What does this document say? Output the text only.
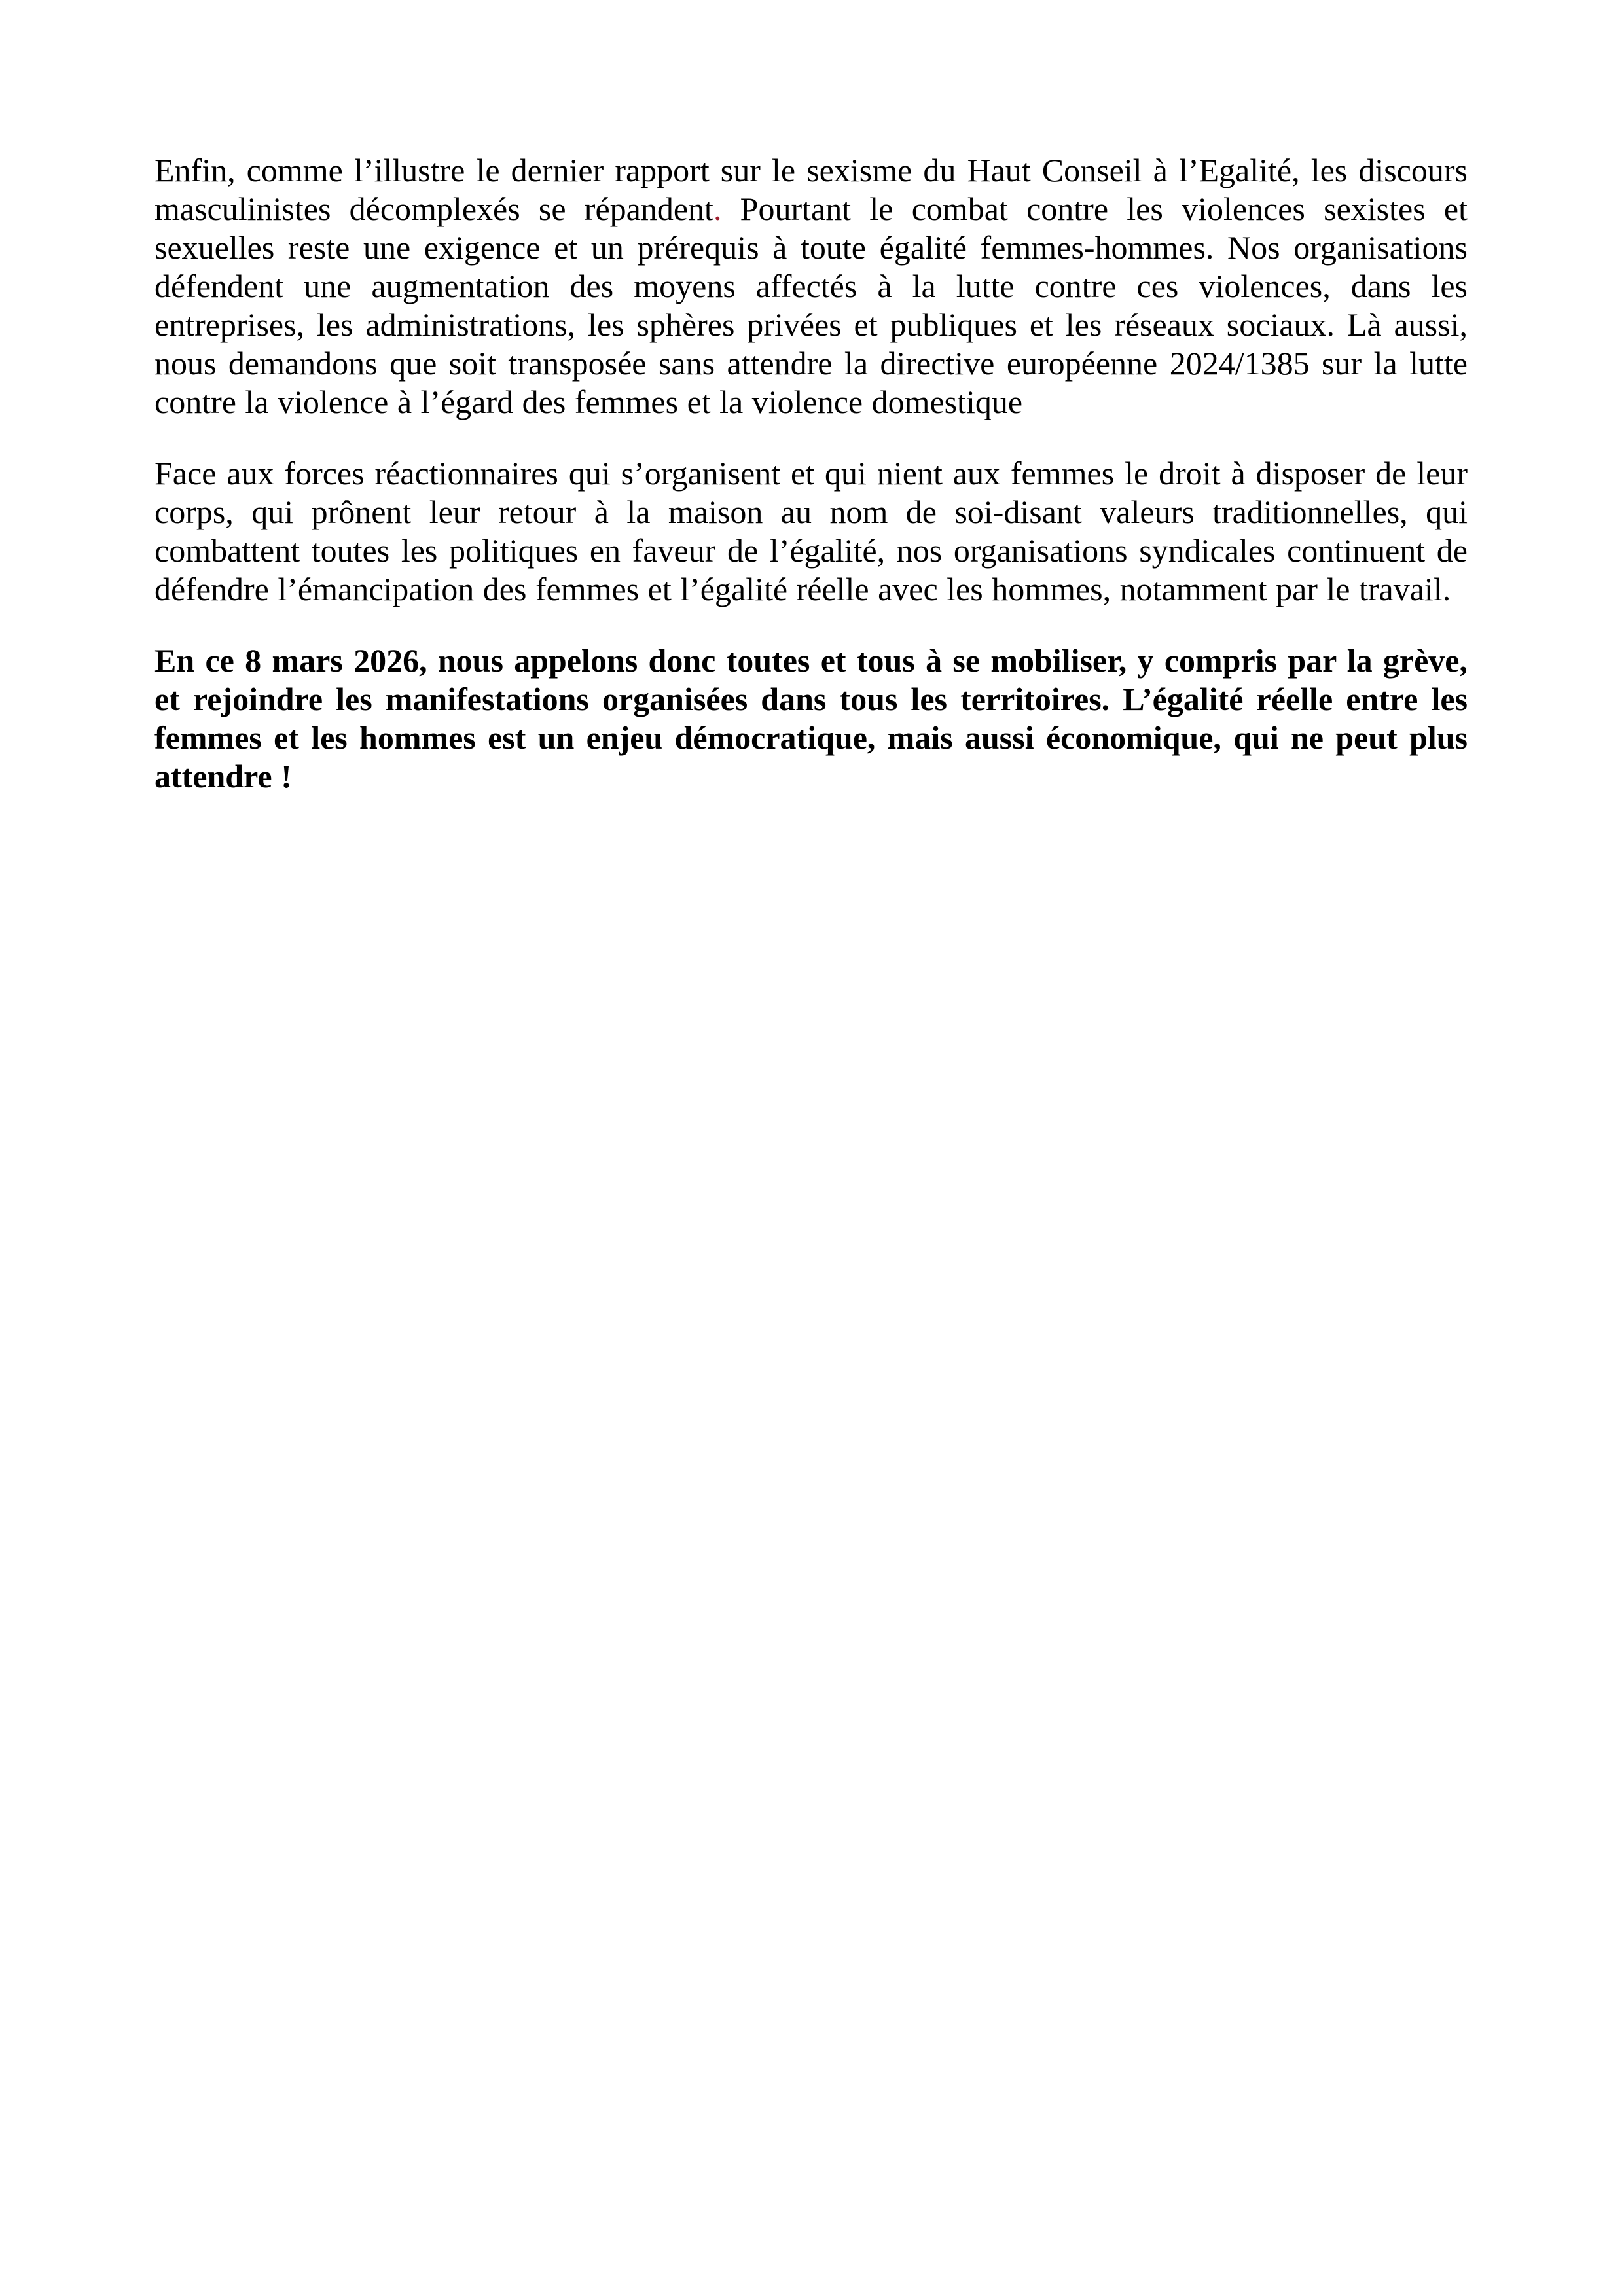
Enfin, comme l’illustre le dernier rapport sur le sexisme du Haut Conseil à l’Egalité, les discours masculinistes décomplexés se répandent. Pourtant le combat contre les violences sexistes et sexuelles reste une exigence et un prérequis à toute égalité femmes-hommes. Nos organisations défendent une augmentation des moyens affectés à la lutte contre ces violences, dans les entreprises, les administrations, les sphères privées et publiques et les réseaux sociaux. Là aussi, nous demandons que soit transposée sans attendre la directive européenne 2024/1385 sur la lutte contre la violence à l’égard des femmes et la violence domestique

Face aux forces réactionnaires qui s’organisent et qui nient aux femmes le droit à disposer de leur corps, qui prônent leur retour à la maison au nom de soi-disant valeurs traditionnelles, qui combattent toutes les politiques en faveur de l’égalité, nos organisations syndicales continuent de défendre l’émancipation des femmes et l’égalité réelle avec les hommes, notamment par le travail.

En ce 8 mars 2026, nous appelons donc toutes et tous à se mobiliser, y compris par la grève, et rejoindre les manifestations organisées dans tous les territoires. L’égalité réelle entre les femmes et les hommes est un enjeu démocratique, mais aussi économique, qui ne peut plus attendre !
